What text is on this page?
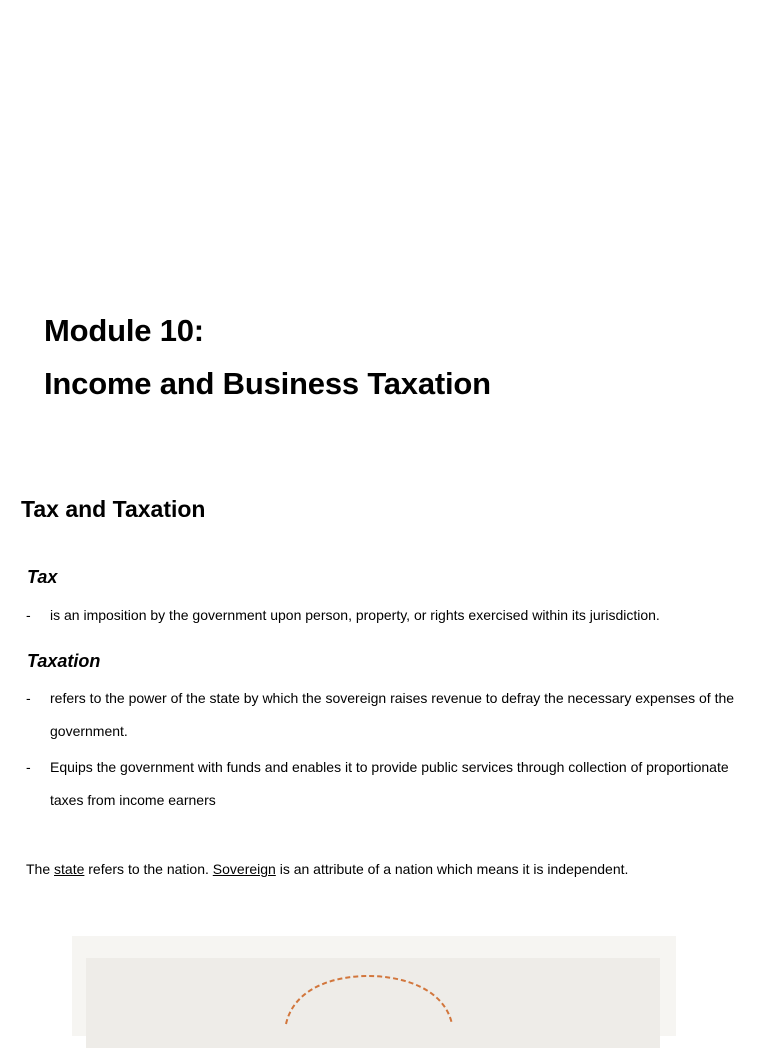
Module 10:
Income and Business Taxation
Tax and Taxation
Tax
- is an imposition by the government upon person, property, or rights exercised within its jurisdiction.
Taxation
- refers to the power of the state by which the sovereign raises revenue to defray the necessary expenses of the government.
- Equips the government with funds and enables it to provide public services through collection of proportionate taxes from income earners

The state refers to the nation. Sovereign is an attribute of a nation which means it is independent.
